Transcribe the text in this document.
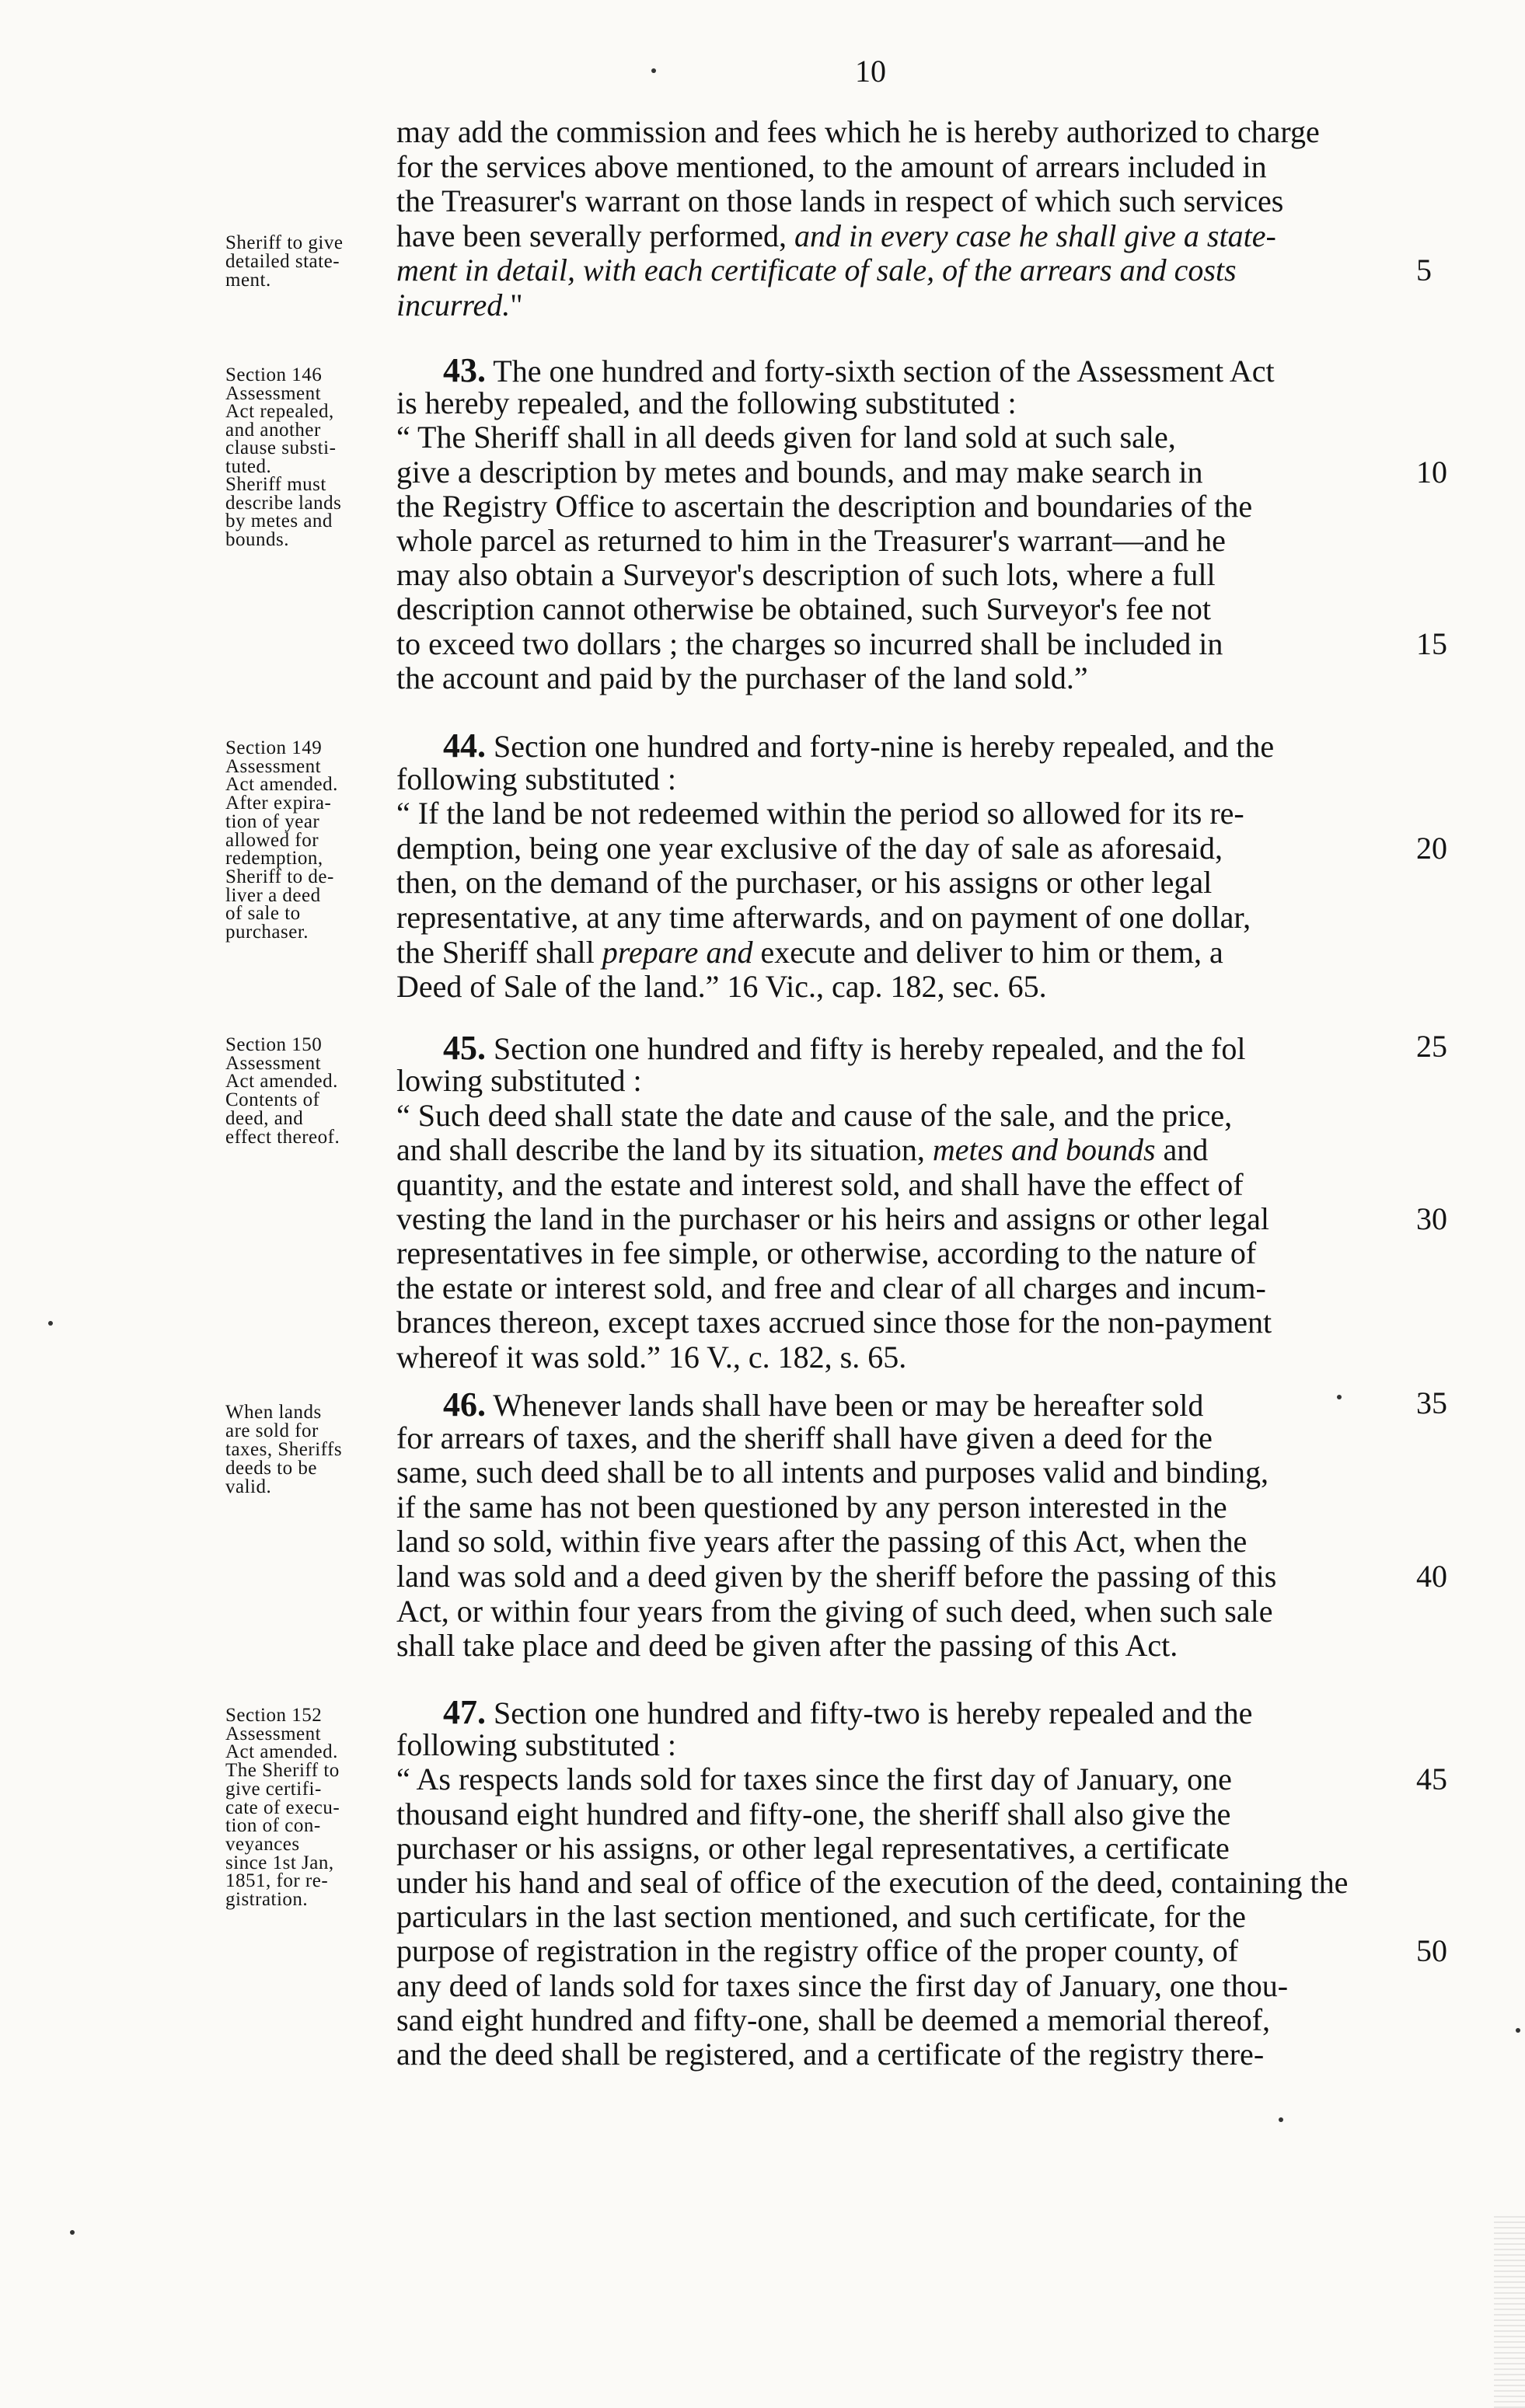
10
may add the commission and fees which he is hereby authorized to charge
for the services above mentioned, to the amount of arrears included in
the Treasurer's warrant on those lands in respect of which such services
have been severally performed, and in every case he shall give a state-
ment in detail, with each certificate of sale, of the arrears and costs	5
incurred."
Sheriff to give
detailed state-
ment.
43. The one hundred and forty-sixth section of the Assessment Act
is hereby repealed, and the following substituted :
“ The Sheriff shall in all deeds given for land sold at such sale,
give a description by metes and bounds, and may make search in	10
the Registry Office to ascertain the description and boundaries of the
whole parcel as returned to him in the Treasurer's warrant—and he
may also obtain a Surveyor's description of such lots, where a full
description cannot otherwise be obtained, such Surveyor's fee not
to exceed two dollars ; the charges so incurred shall be included in	15
the account and paid by the purchaser of the land sold.”
Section 146
Assessment
Act repealed,
and another
clause substi-
tuted.
Sheriff must
describe lands
by metes and
bounds.
44. Section one hundred and forty-nine is hereby repealed, and the
following substituted :
“ If the land be not redeemed within the period so allowed for its re-
demption, being one year exclusive of the day of sale as aforesaid,	20
then, on the demand of the purchaser, or his assigns or other legal
representative, at any time afterwards, and on payment of one dollar,
the Sheriff shall prepare and execute and deliver to him or them, a
Deed of Sale of the land.” 16 Vic., cap. 182, sec. 65.
Section 149
Assessment
Act amended.
After expira-
tion of year
allowed for
redemption,
Sheriff to de-
liver a deed
of sale to
purchaser.
45. Section one hundred and fifty is hereby repealed, and the fol	25
lowing substituted :
“ Such deed shall state the date and cause of the sale, and the price,
and shall describe the land by its situation, metes and bounds and
quantity, and the estate and interest sold, and shall have the effect of
vesting the land in the purchaser or his heirs and assigns or other legal	30
representatives in fee simple, or otherwise, according to the nature of
the estate or interest sold, and free and clear of all charges and incum-
brances thereon, except taxes accrued since those for the non-payment
whereof it was sold.” 16 V., c. 182, s. 65.
Section 150
Assessment
Act amended.
Contents of
deed, and
effect thereof.
46. Whenever lands shall have been or may be hereafter sold	35
for arrears of taxes, and the sheriff shall have given a deed for the
same, such deed shall be to all intents and purposes valid and binding,
if the same has not been questioned by any person interested in the
land so sold, within five years after the passing of this Act, when the
land was sold and a deed given by the sheriff before the passing of this	40
Act, or within four years from the giving of such deed, when such sale
shall take place and deed be given after the passing of this Act.
When lands
are sold for
taxes, Sheriffs
deeds to be
valid.
47. Section one hundred and fifty-two is hereby repealed and the
following substituted :
“ As respects lands sold for taxes since the first day of January, one	45
thousand eight hundred and fifty-one, the sheriff shall also give the
purchaser or his assigns, or other legal representatives, a certificate
under his hand and seal of office of the execution of the deed, containing the
particulars in the last section mentioned, and such certificate, for the
purpose of registration in the registry office of the proper county, of	50
any deed of lands sold for taxes since the first day of January, one thou-
sand eight hundred and fifty-one, shall be deemed a memorial thereof,
and the deed shall be registered, and a certificate of the registry there-
Section 152
Assessment
Act amended.
The Sheriff to
give certifi-
cate of execu-
tion of con-
veyances
since 1st Jan,
1851, for re-
gistration.
